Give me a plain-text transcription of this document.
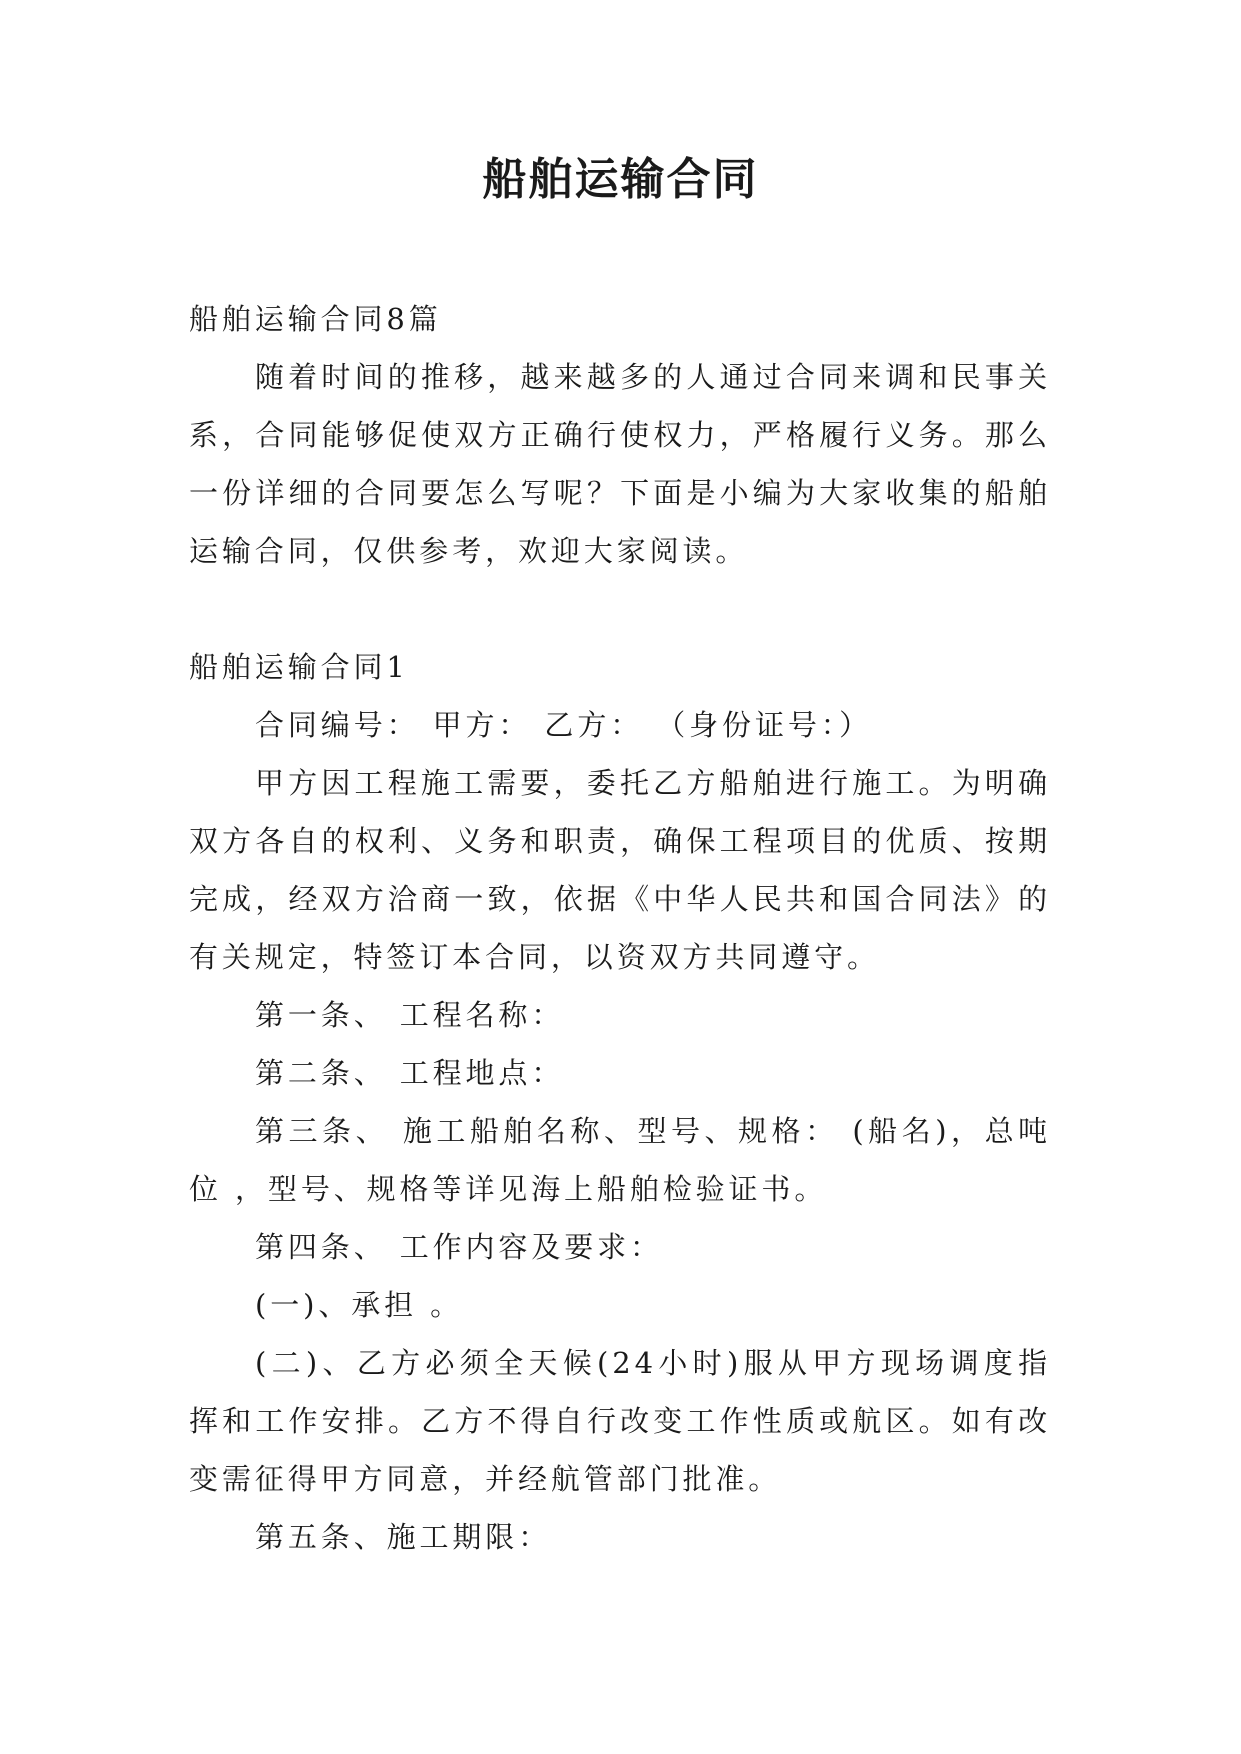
船舶运输合同

船舶运输合同8篇

随着时间的推移，越来越多的人通过合同来调和民事关系，合同能够促使双方正确行使权力，严格履行义务。那么一份详细的合同要怎么写呢？下面是小编为大家收集的船舶运输合同，仅供参考，欢迎大家阅读。

船舶运输合同1

合同编号： 甲方： 乙方： （身份证号：）

甲方因工程施工需要，委托乙方船舶进行施工。为明确双方各自的权利、义务和职责，确保工程项目的优质、按期完成，经双方洽商一致，依据《中华人民共和国合同法》的有关规定，特签订本合同，以资双方共同遵守。

第一条、 工程名称：

第二条、 工程地点：

第三条、 施工船舶名称、型号、规格： (船名)，总吨位 ，型号、规格等详见海上船舶检验证书。

第四条、 工作内容及要求：

(一)、承担 。

(二)、乙方必须全天候(24小时)服从甲方现场调度指挥和工作安排。乙方不得自行改变工作性质或航区。如有改变需征得甲方同意，并经航管部门批准。

第五条、施工期限：
